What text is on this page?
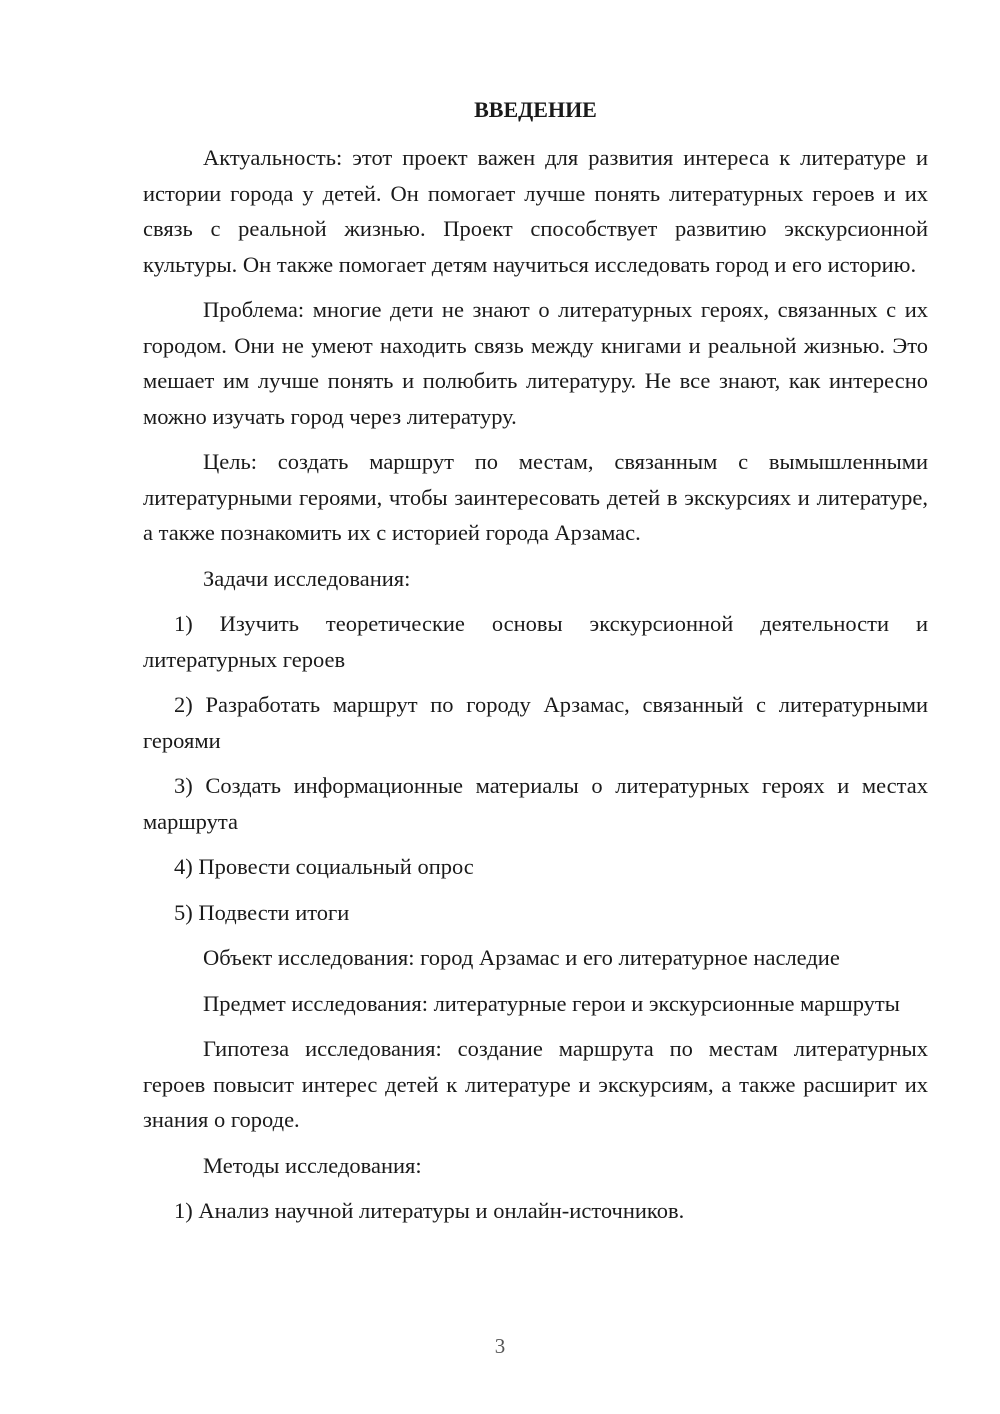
ВВЕДЕНИЕ

Актуальность: этот проект важен для развития интереса к литературе и истории города у детей. Он помогает лучше понять литературных героев и их связь с реальной жизнью. Проект способствует развитию экскурсионной культуры. Он также помогает детям научиться исследовать город и его историю.

Проблема: многие дети не знают о литературных героях, связанных с их городом. Они не умеют находить связь между книгами и реальной жизнью. Это мешает им лучше понять и полюбить литературу. Не все знают, как интересно можно изучать город через литературу.

Цель: создать маршрут по местам, связанным с вымышленными литературными героями, чтобы заинтересовать детей в экскурсиях и литературе, а также познакомить их с историей города Арзамас.

Задачи исследования:

1) Изучить теоретические основы экскурсионной деятельности и литературных героев

2) Разработать маршрут по городу Арзамас, связанный с литературными героями

3) Создать информационные материалы о литературных героях и местах маршрута

4) Провести социальный опрос

5) Подвести итоги

Объект исследования: город Арзамас и его литературное наследие

Предмет исследования: литературные герои и экскурсионные маршруты

Гипотеза исследования: создание маршрута по местам литературных героев повысит интерес детей к литературе и экскурсиям, а также расширит их знания о городе.

Методы исследования:

1) Анализ научной литературы и онлайн-источников.

3
